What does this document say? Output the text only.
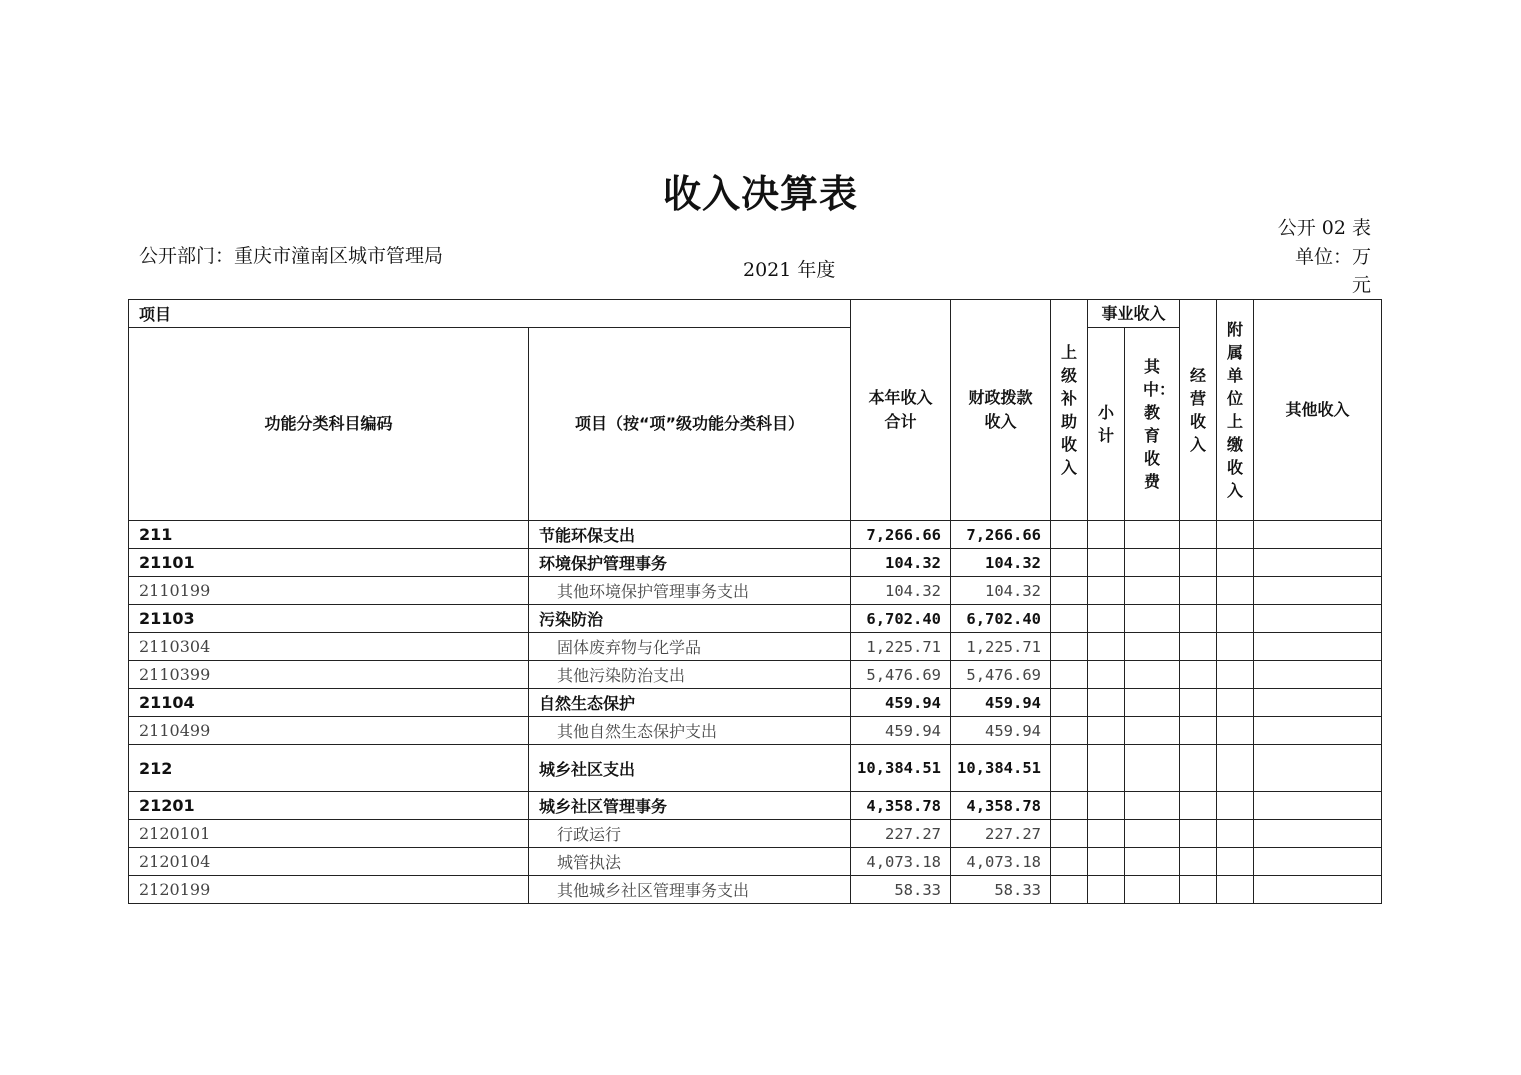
收入决算表
公开部门：重庆市潼南区城市管理局
2021 年度
公开 02 表
单位：万元
项目		本年收入合计	财政拨款收入	上级补助收入	事业收入		经营收入	附属单位上缴收入	其他收入
功能分类科目编码	项目（按“项”级功能分类科目）				小计	其中：教育收费			

211	节能环保支出	7,266.66	7,266.66						
21101	环境保护管理事务	104.32	104.32						
2110199	其他环境保护管理事务支出	104.32	104.32						
21103	污染防治	6,702.40	6,702.40						
2110304	固体废弃物与化学品	1,225.71	1,225.71						
2110399	其他污染防治支出	5,476.69	5,476.69						
21104	自然生态保护	459.94	459.94						
2110499	其他自然生态保护支出	459.94	459.94						
212	城乡社区支出	10,384.51	10,384.51						
21201	城乡社区管理事务	4,358.78	4,358.78						
2120101	行政运行	227.27	227.27						
2120104	城管执法	4,073.18	4,073.18						
2120199	其他城乡社区管理事务支出	58.33	58.33						
